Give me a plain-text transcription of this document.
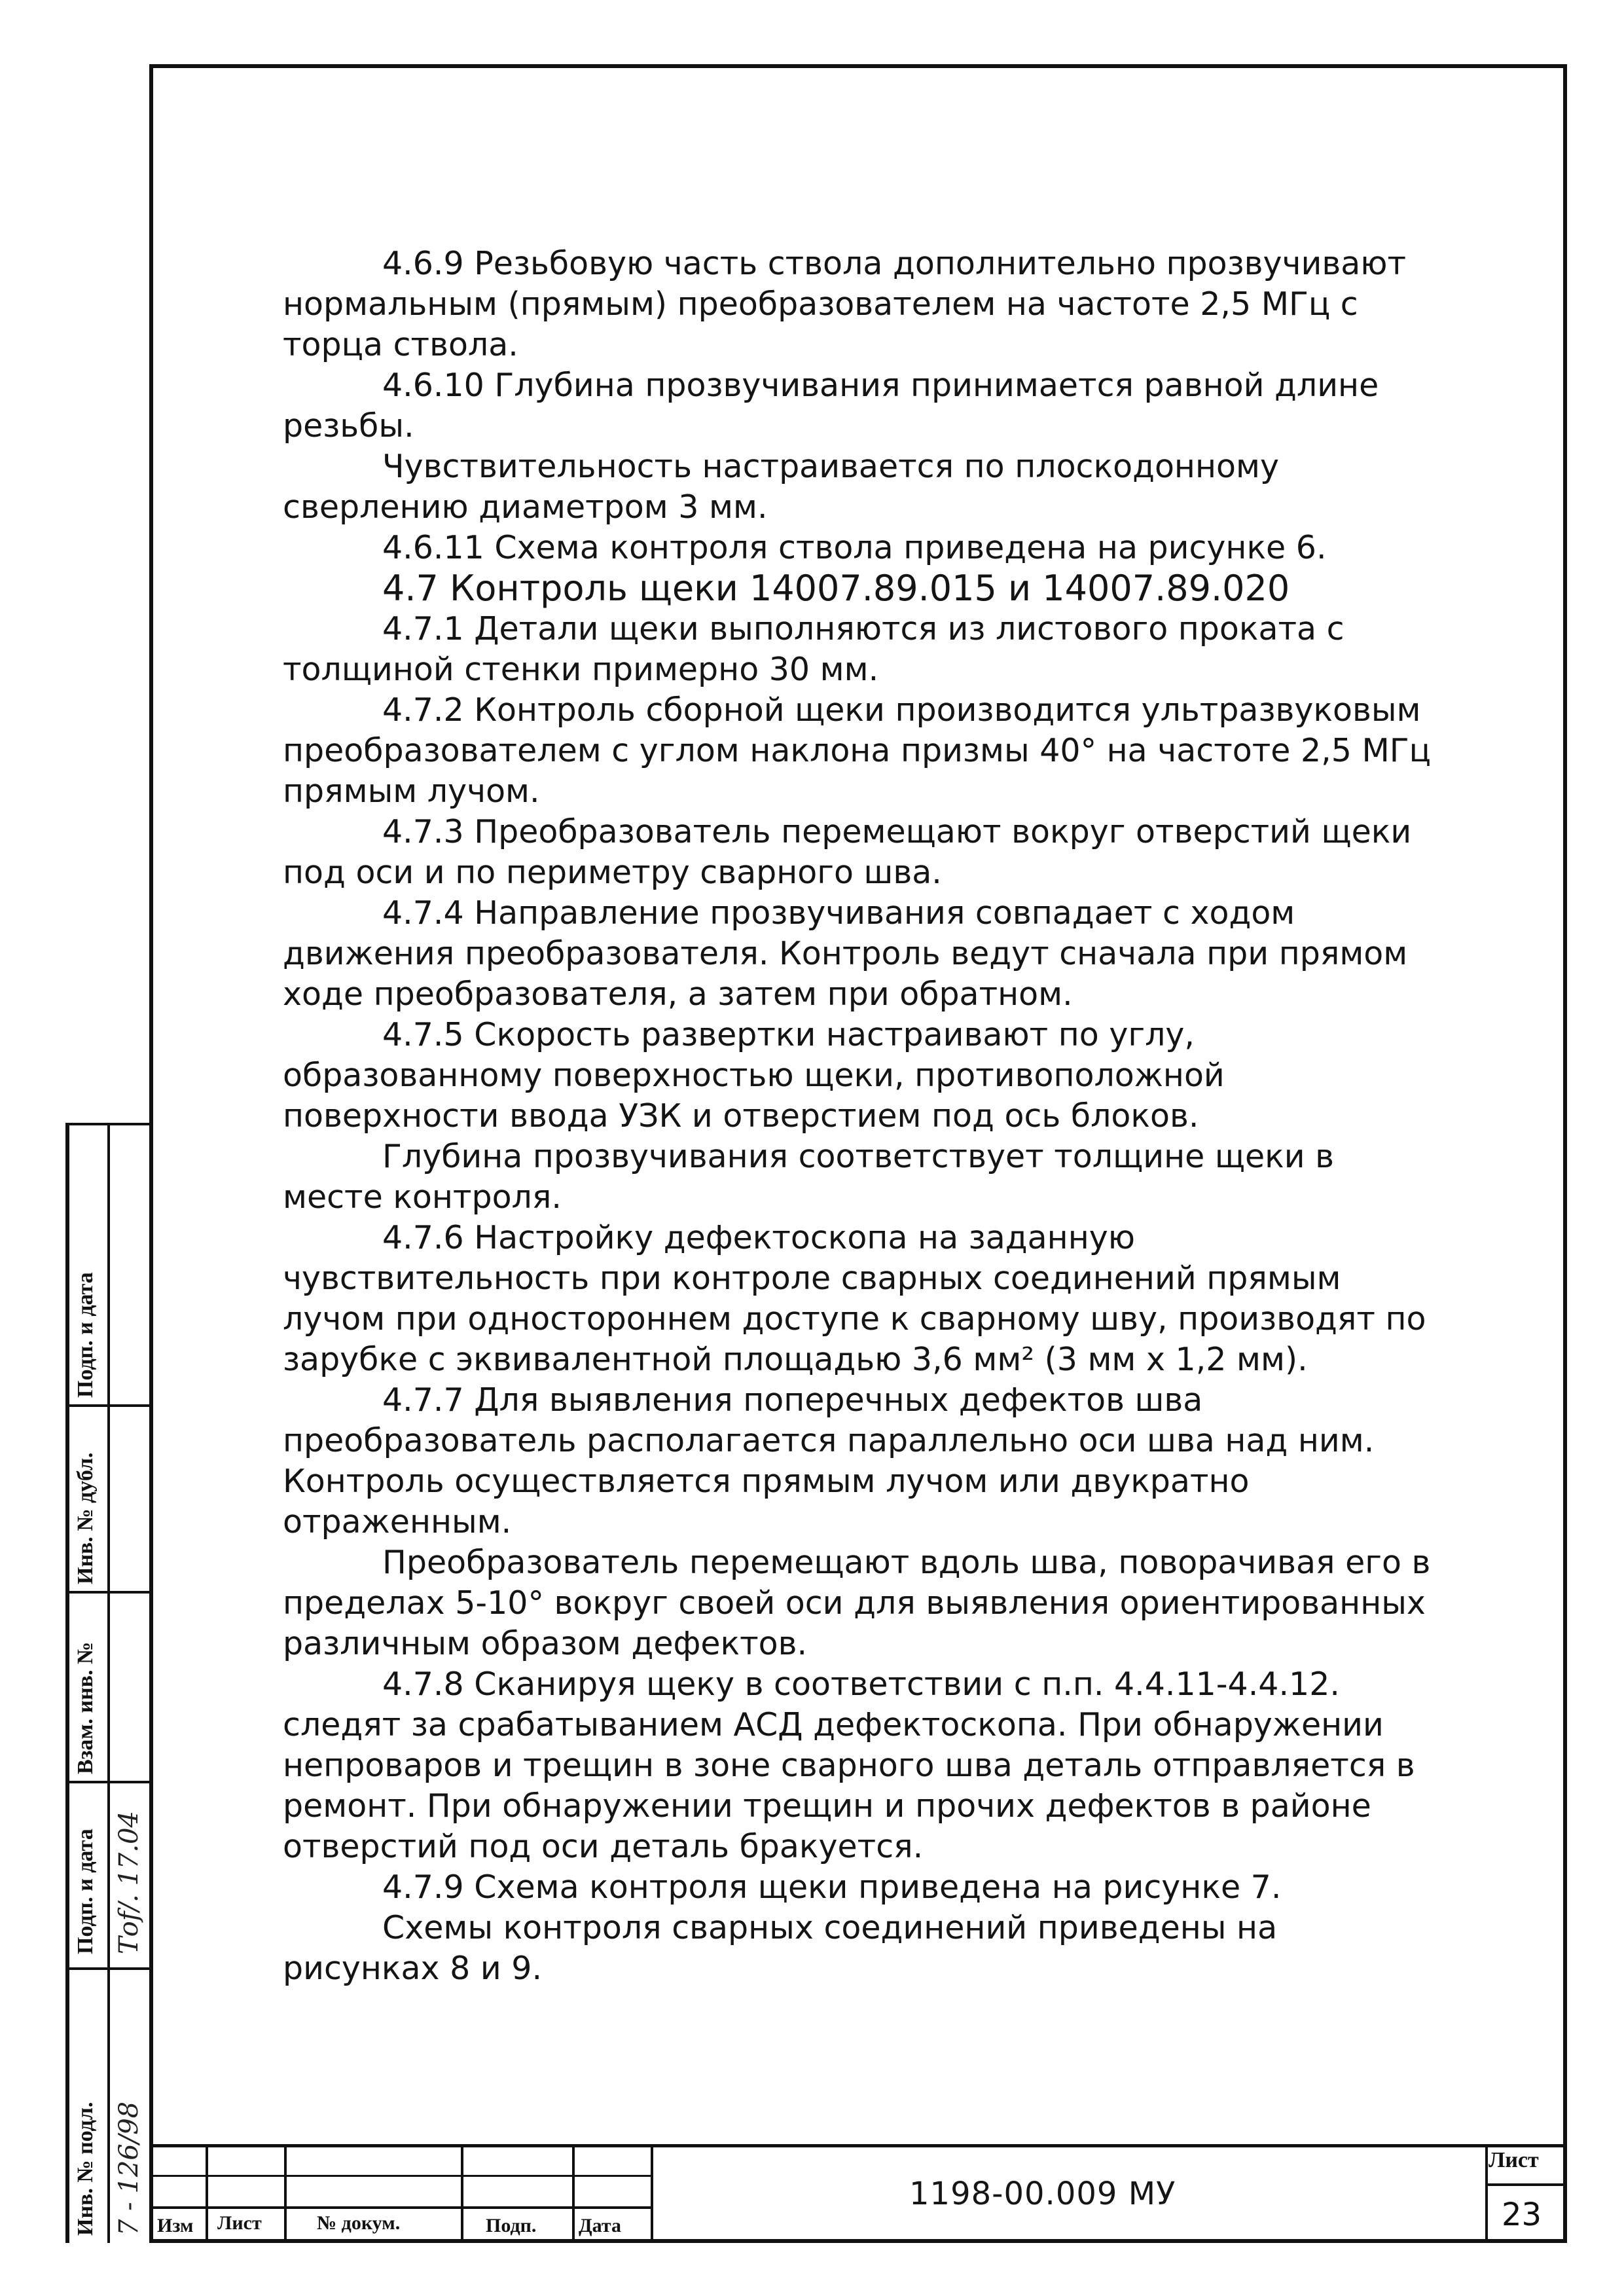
4.6.9 Резьбовую часть ствола дополнительно прозвучивают нормальным (прямым) преобразователем на частоте 2,5 МГц с торца ствола.

4.6.10 Глубина прозвучивания принимается равной длине резьбы.

Чувствительность настраивается по плоскодонному сверлению диаметром 3 мм.

4.6.11 Схема контроля ствола приведена на рисунке 6.

4.7 Контроль щеки 14007.89.015 и 14007.89.020

4.7.1 Детали щеки выполняются из листового проката с толщиной стенки примерно 30 мм.

4.7.2 Контроль сборной щеки производится ультразвуковым преобразователем с углом наклона призмы 40° на частоте 2,5 МГц прямым лучом.

4.7.3 Преобразователь перемещают вокруг отверстий щеки под оси и по периметру сварного шва.

4.7.4 Направление прозвучивания совпадает с ходом движения преобразователя. Контроль ведут сначала при прямом ходе преобразователя, а затем при обратном.

4.7.5 Скорость развертки настраивают по углу, образованному поверхностью щеки, противоположной поверхности ввода УЗК и отверстием под ось блоков.

Глубина прозвучивания соответствует толщине щеки в месте контроля.

4.7.6 Настройку дефектоскопа на заданную чувствительность при контроле сварных соединений прямым лучом при одностороннем доступе к сварному шву, производят по зарубке с эквивалентной площадью 3,6 мм² (3 мм х 1,2 мм).

4.7.7 Для выявления поперечных дефектов шва преобразователь располагается параллельно оси шва над ним. Контроль осуществляется прямым лучом или двукратно отраженным.

Преобразователь перемещают вдоль шва, поворачивая его в пределах 5-10° вокруг своей оси для выявления ориентированных различным образом дефектов.

4.7.8 Сканируя щеку в соответствии с п.п. 4.4.11-4.4.12. следят за срабатыванием АСД дефектоскопа. При обнаружении непроваров и трещин в зоне сварного шва деталь отправляется в ремонт. При обнаружении трещин и прочих дефектов в районе отверстий под оси деталь бракуется.

4.7.9 Схема контроля щеки приведена на рисунке 7.

Схемы контроля сварных соединений приведены на рисунках 8 и 9.

Инв. № подл.
Подп. и дата
Взам. инв. №
Инв. № дубл.
Подп. и дата
7 - 126/98
Тоf/. 17.04
Изм Лист	№ докум.	Подп. Дата
1198-00.009 МУ
Лист
23
